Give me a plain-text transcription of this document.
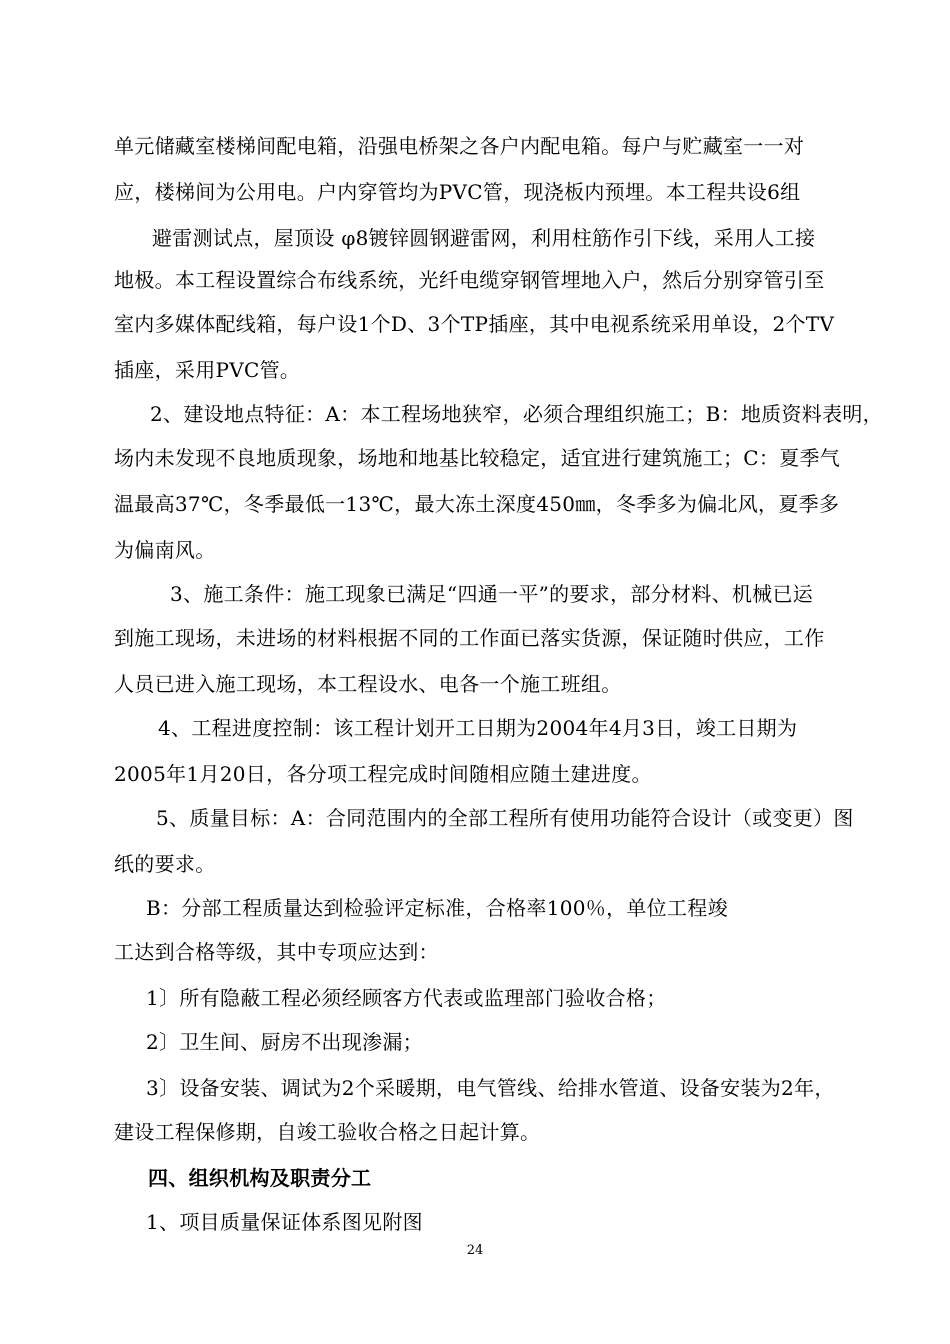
单元储藏室楼梯间配电箱，沿强电桥架之各户内配电箱。每户与贮藏室一一对
应，楼梯间为公用电。户内穿管均为PVC管，现浇板内预埋。本工程共设6组
避雷测试点，屋顶设 φ8镀锌圆钢避雷网，利用柱筋作引下线，采用人工接
地极。本工程设置综合布线系统，光纤电缆穿钢管埋地入户，然后分别穿管引至
室内多媒体配线箱，每户设1个D、3个TP插座，其中电视系统采用单设，2个TV
插座，采用PVC管。
2、建设地点特征：A：本工程场地狭窄，必须合理组织施工；B：地质资料表明，
场内未发现不良地质现象，场地和地基比较稳定，适宜进行建筑施工；C：夏季气
温最高37℃，冬季最低一13℃，最大冻土深度450㎜，冬季多为偏北风，夏季多
为偏南风。
3、施工条件：施工现象已满足“四通一平”的要求，部分材料、机械已运
到施工现场，未进场的材料根据不同的工作面已落实货源，保证随时供应，工作
人员已进入施工现场，本工程设水、电各一个施工班组。
4、工程进度控制：该工程计划开工日期为2004年4月3日，竣工日期为
2005年1月20日，各分项工程完成时间随相应随土建进度。
5、质量目标：A：合同范围内的全部工程所有使用功能符合设计（或变更）图
纸的要求。
B：分部工程质量达到检验评定标准，合格率100％，单位工程竣
工达到合格等级，其中专项应达到：
1〕所有隐蔽工程必须经顾客方代表或监理部门验收合格；
2〕卫生间、厨房不出现渗漏；
3〕设备安装、调试为2个采暖期，电气管线、给排水管道、设备安装为2年，
建设工程保修期，自竣工验收合格之日起计算。
四、组织机构及职责分工
1、项目质量保证体系图见附图
24
